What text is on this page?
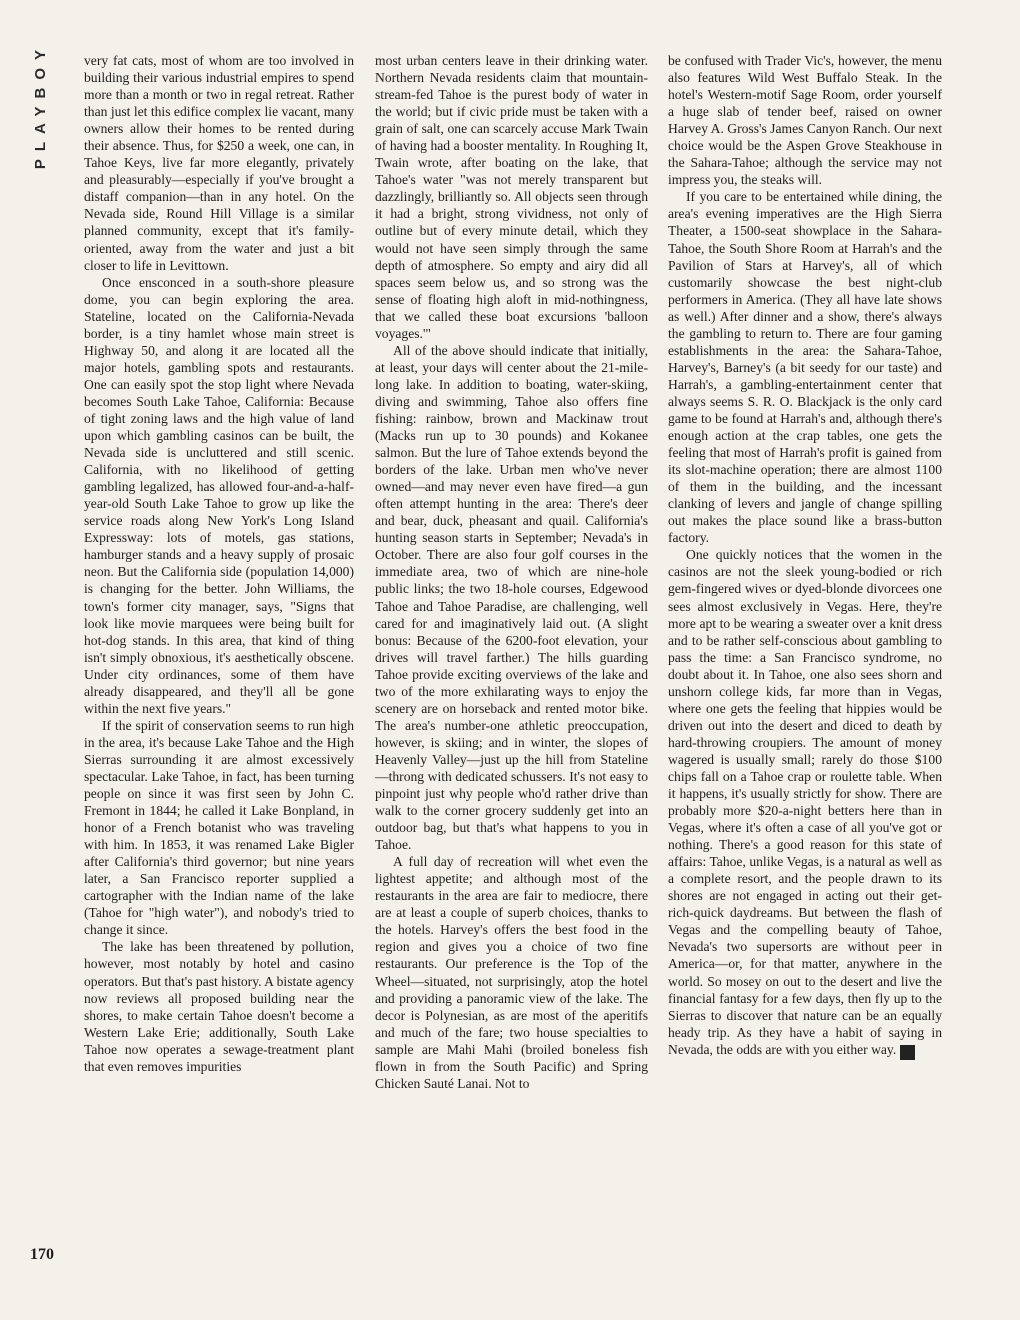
PLAYBOY
170

very fat cats, most of whom are too involved in building their various industrial empires to spend more than a month or two in regal retreat. Rather than just let this edifice complex lie vacant, many owners allow their homes to be rented during their absence. Thus, for $250 a week, one can, in Tahoe Keys, live far more elegantly, privately and pleasurably—especially if you've brought a distaff companion—than in any hotel. On the Nevada side, Round Hill Village is a similar planned community, except that it's family-oriented, away from the water and just a bit closer to life in Levittown.

Once ensconced in a south-shore pleasure dome, you can begin exploring the area. Stateline, located on the California-Nevada border, is a tiny hamlet whose main street is Highway 50, and along it are located all the major hotels, gambling spots and restaurants. One can easily spot the stop light where Nevada becomes South Lake Tahoe, California: Because of tight zoning laws and the high value of land upon which gambling casinos can be built, the Nevada side is uncluttered and still scenic. California, with no likelihood of getting gambling legalized, has allowed four-and-a-half-year-old South Lake Tahoe to grow up like the service roads along New York's Long Island Expressway: lots of motels, gas stations, hamburger stands and a heavy supply of prosaic neon. But the California side (population 14,000) is changing for the better. John Williams, the town's former city manager, says, "Signs that look like movie marquees were being built for hot-dog stands. In this area, that kind of thing isn't simply obnoxious, it's aesthetically obscene. Under city ordinances, some of them have already disappeared, and they'll all be gone within the next five years."

If the spirit of conservation seems to run high in the area, it's because Lake Tahoe and the High Sierras surrounding it are almost excessively spectacular. Lake Tahoe, in fact, has been turning people on since it was first seen by John C. Fremont in 1844; he called it Lake Bonpland, in honor of a French botanist who was traveling with him. In 1853, it was renamed Lake Bigler after California's third governor; but nine years later, a San Francisco reporter supplied a cartographer with the Indian name of the lake (Tahoe for "high water"), and nobody's tried to change it since.

The lake has been threatened by pollution, however, most notably by hotel and casino operators. But that's past history. A bistate agency now reviews all proposed building near the shores, to make certain Tahoe doesn't become a Western Lake Erie; additionally, South Lake Tahoe now operates a sewage-treatment plant that even removes impurities

most urban centers leave in their drinking water. Northern Nevada residents claim that mountain-stream-fed Tahoe is the purest body of water in the world; but if civic pride must be taken with a grain of salt, one can scarcely accuse Mark Twain of having had a booster mentality. In Roughing It, Twain wrote, after boating on the lake, that Tahoe's water "was not merely transparent but dazzlingly, brilliantly so. All objects seen through it had a bright, strong vividness, not only of outline but of every minute detail, which they would not have seen simply through the same depth of atmosphere. So empty and airy did all spaces seem below us, and so strong was the sense of floating high aloft in mid-nothingness, that we called these boat excursions 'balloon voyages.'"

All of the above should indicate that initially, at least, your days will center about the 21-mile-long lake. In addition to boating, water-skiing, diving and swimming, Tahoe also offers fine fishing: rainbow, brown and Mackinaw trout (Macks run up to 30 pounds) and Kokanee salmon. But the lure of Tahoe extends beyond the borders of the lake. Urban men who've never owned—and may never even have fired—a gun often attempt hunting in the area: There's deer and bear, duck, pheasant and quail. California's hunting season starts in September; Nevada's in October. There are also four golf courses in the immediate area, two of which are nine-hole public links; the two 18-hole courses, Edgewood Tahoe and Tahoe Paradise, are challenging, well cared for and imaginatively laid out. (A slight bonus: Because of the 6200-foot elevation, your drives will travel farther.) The hills guarding Tahoe provide exciting overviews of the lake and two of the more exhilarating ways to enjoy the scenery are on horseback and rented motor bike. The area's number-one athletic preoccupation, however, is skiing; and in winter, the slopes of Heavenly Valley—just up the hill from Stateline—throng with dedicated schussers. It's not easy to pinpoint just why people who'd rather drive than walk to the corner grocery suddenly get into an outdoor bag, but that's what happens to you in Tahoe.

A full day of recreation will whet even the lightest appetite; and although most of the restaurants in the area are fair to mediocre, there are at least a couple of superb choices, thanks to the hotels. Harvey's offers the best food in the region and gives you a choice of two fine restaurants. Our preference is the Top of the Wheel—situated, not surprisingly, atop the hotel and providing a panoramic view of the lake. The decor is Polynesian, as are most of the aperitifs and much of the fare; two house specialties to sample are Mahi Mahi (broiled boneless fish flown in from the South Pacific) and Spring Chicken Sauté Lanai. Not to

be confused with Trader Vic's, however, the menu also features Wild West Buffalo Steak. In the hotel's Western-motif Sage Room, order yourself a huge slab of tender beef, raised on owner Harvey A. Gross's James Canyon Ranch. Our next choice would be the Aspen Grove Steakhouse in the Sahara-Tahoe; although the service may not impress you, the steaks will.

If you care to be entertained while dining, the area's evening imperatives are the High Sierra Theater, a 1500-seat showplace in the Sahara-Tahoe, the South Shore Room at Harrah's and the Pavilion of Stars at Harvey's, all of which customarily showcase the best night-club performers in America. (They all have late shows as well.) After dinner and a show, there's always the gambling to return to. There are four gaming establishments in the area: the Sahara-Tahoe, Harvey's, Barney's (a bit seedy for our taste) and Harrah's, a gambling-entertainment center that always seems S. R. O. Blackjack is the only card game to be found at Harrah's and, although there's enough action at the crap tables, one gets the feeling that most of Harrah's profit is gained from its slot-machine operation; there are almost 1100 of them in the building, and the incessant clanking of levers and jangle of change spilling out makes the place sound like a brass-button factory.

One quickly notices that the women in the casinos are not the sleek young-bodied or rich gem-fingered wives or dyed-blonde divorcees one sees almost exclusively in Vegas. Here, they're more apt to be wearing a sweater over a knit dress and to be rather self-conscious about gambling to pass the time: a San Francisco syndrome, no doubt about it. In Tahoe, one also sees shorn and unshorn college kids, far more than in Vegas, where one gets the feeling that hippies would be driven out into the desert and diced to death by hard-throwing croupiers. The amount of money wagered is usually small; rarely do those $100 chips fall on a Tahoe crap or roulette table. When it happens, it's usually strictly for show. There are probably more $20-a-night betters here than in Vegas, where it's often a case of all you've got or nothing. There's a good reason for this state of affairs: Tahoe, unlike Vegas, is a natural as well as a complete resort, and the people drawn to its shores are not engaged in acting out their get-rich-quick daydreams. But between the flash of Vegas and the compelling beauty of Tahoe, Nevada's two supersorts are without peer in America—or, for that matter, anywhere in the world. So mosey on out to the desert and live the financial fantasy for a few days, then fly up to the Sierras to discover that nature can be an equally heady trip. As they have a habit of saying in Nevada, the odds are with you either way. ♣
